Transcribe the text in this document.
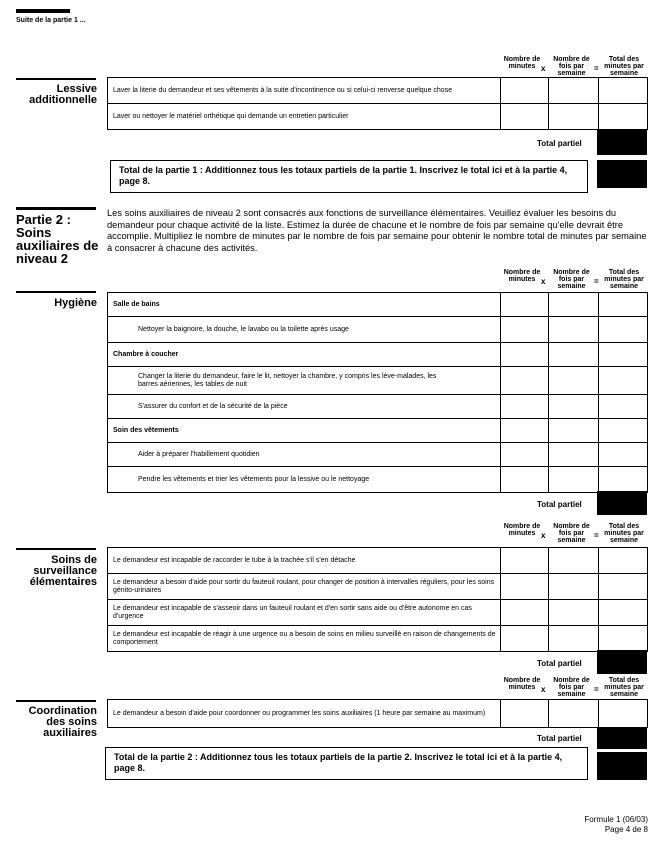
Suite de la partie 1 ...
Nombre de minutes x
Nombre de fois par semaine
=
Total des minutes par semaine
Lessive additionnelle
Laver la literie du demandeur et ses vêtements à la suite d'incontinence ou si celui-ci renverse quelque chose			
Laver ou nettoyer le matériel orthétique qui demande un entretien particulier			
Total partiel
Total de la partie 1 : Additionnez tous les totaux partiels de la partie 1. Inscrivez le total ici et à la partie 4, page 8.
Partie 2 : Soins auxiliaires de niveau 2
Les soins auxiliaires de niveau 2 sont consacrés aux fonctions de surveillance élémentaires. Veuillez évaluer les besoins du demandeur pour chaque activité de la liste. Estimez la durée de chacune et le nombre de fois par semaine qu'elle devrait être accomplie. Multipliez le nombre de minutes par le nombre de fois par semaine pour obtenir le nombre total de minutes par semaine à consacrer à chacune des activités.
Nombre de minutes x
Nombre de fois par semaine
=
Total des minutes par semaine
Hygiène Salle de bains			
Nettoyer la baignoire, la douche, le lavabo ou la toilette après usage			
Chambre à coucher			
Changer la literie du demandeur, faire le lit, nettoyer la chambre, y compris les lève-malades, les barres aériennes, les tables de nuit			
S'assurer du confort et de la sécurité de la pièce			
Soin des vêtements			
Aider à préparer l'habillement quotidien			
Pendre les vêtements et trier les vêtements pour la lessive ou le nettoyage			
Total partiel
Nombre de minutes x
Nombre de fois par semaine
=
Total des minutes par semaine
Soins de surveillance élémentaires
Le demandeur est incapable de raccorder le tube à la trachée s'il s'en détache			
Le demandeur a besoin d'aide pour sortir du fauteuil roulant, pour changer de position à intervalles réguliers, pour les soins génito-urinaires			
Le demandeur est incapable de s'asseoir dans un fauteuil roulant et d'en sortir sans aide ou d'être autonome en cas d'urgence			
Le demandeur est incapable de réagir à une urgence ou a besoin de soins en milieu surveillé en raison de changements de comportement			
Total partiel
Nombre de minutes x
Nombre de fois par semaine
=
Total des minutes par semaine
Coordination des soins auxiliaires
Le demandeur a besoin d'aide pour coordonner ou programmer les soins auxiliaires (1 heure par semaine au maximum)			
Total partiel
Total de la partie 2 : Additionnez tous les totaux partiels de la partie 2. Inscrivez le total ici et à la partie 4, page 8.
Formule 1 (06/03)
Page 4 de 8
